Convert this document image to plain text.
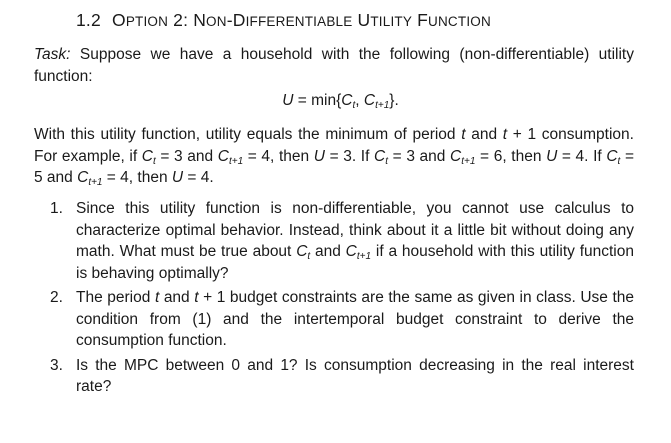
1.2 OPTION 2: NON-DIFFERENTIABLE UTILITY FUNCTION
Task: Suppose we have a household with the following (non-differentiable) utility function:
$U = \min\{C_t$, $C_{t+1}$}.
With this utility function, utility equals the minimum of period t and t + 1 consumption. For example, if $C_t = 3$ and $C_{t+1} = 4$, then U = 3. If $C_t = 3$ and $C_{t+1} = 6$, then U = 4. If $C_t = 5$ and $C_{t+1} = 4$, then U = 4.
1. Since this utility function is non-differentiable, you cannot use calculus to characterize optimal behavior. Instead, think about it a little bit without doing any math. What must be true about $C_t$ and $C_{t+1}$ if a household with this utility function is behaving optimally?
2. The period t and t + 1 budget constraints are the same as given in class. Use the condition from (1) and the intertemporal budget constraint to derive the consumption function.
3. Is the MPC between 0 and 1? Is consumption decreasing in the real interest rate?
